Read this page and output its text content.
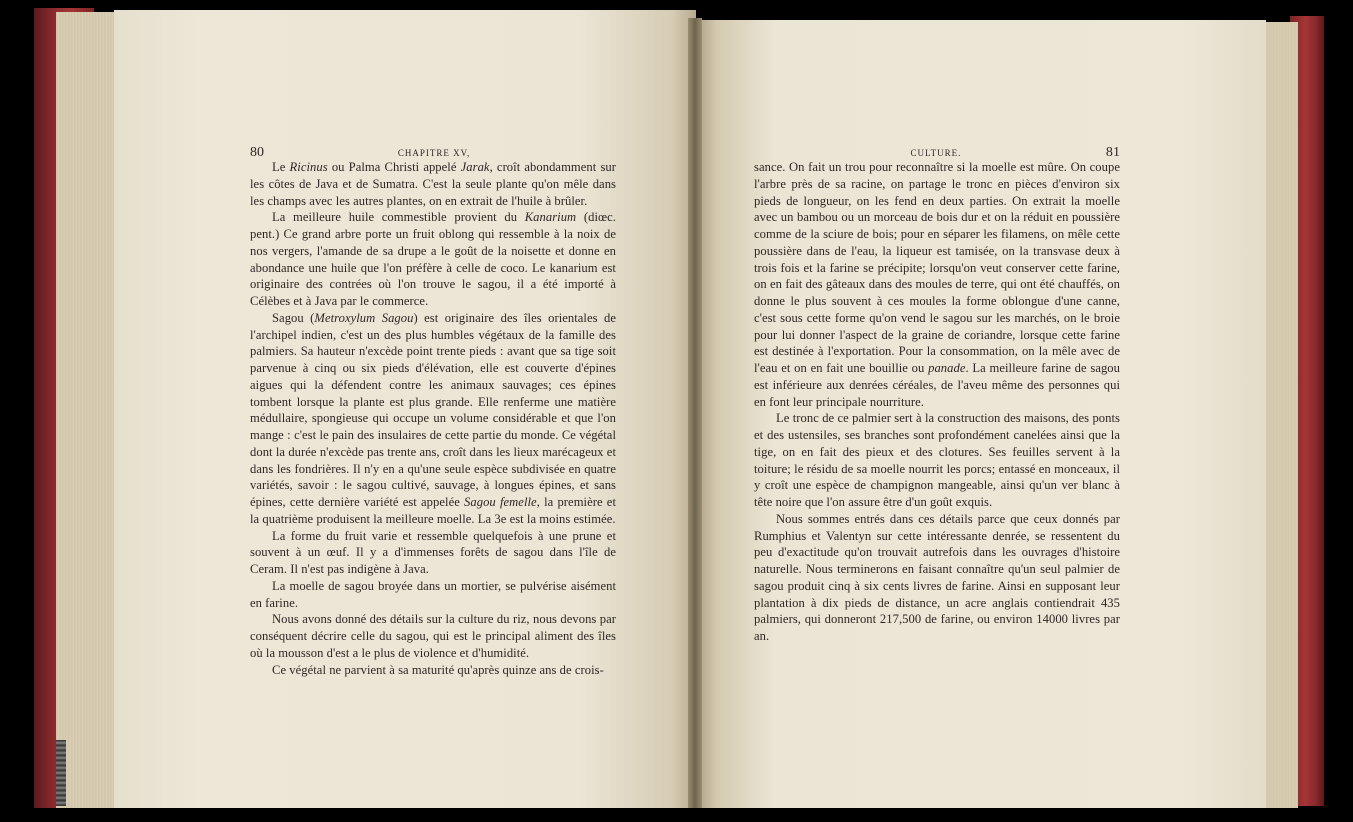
80	CHAPITRE XV,

Le Ricinus ou Palma Christi appelé Jarak, croît abondamment sur les côtes de Java et de Sumatra. C'est la seule plante qu'on mêle dans les champs avec les autres plantes, on en extrait de l'huile à brûler.

La meilleure huile commestible provient du Kanarium (diœc. pent.) Ce grand arbre porte un fruit oblong qui ressemble à la noix de nos vergers, l'amande de sa drupe a le goût de la noisette et donne en abondance une huile que l'on préfère à celle de coco. Le kanarium est originaire des contrées où l'on trouve le sagou, il a été importé à Célèbes et à Java par le commerce.

Sagou (Metroxylum Sagou) est originaire des îles orientales de l'archipel indien, c'est un des plus humbles végétaux de la famille des palmiers. Sa hauteur n'excède point trente pieds : avant que sa tige soit parvenue à cinq ou six pieds d'élévation, elle est couverte d'épines aigues qui la défendent contre les animaux sauvages; ces épines tombent lorsque la plante est plus grande. Elle renferme une matière médullaire, spongieuse qui occupe un volume considérable et que l'on mange : c'est le pain des insulaires de cette partie du monde. Ce végétal dont la durée n'excède pas trente ans, croît dans les lieux marécageux et dans les fondrières. Il n'y en a qu'une seule espèce subdivisée en quatre variétés, savoir : le sagou cultivé, sauvage, à longues épines, et sans épines, cette dernière variété est appelée Sagou femelle, la première et la quatrième produisent la meilleure moelle. La 3e est la moins estimée.

La forme du fruit varie et ressemble quelquefois à une prune et souvent à un œuf. Il y a d'immenses forêts de sagou dans l'île de Ceram. Il n'est pas indigène à Java.

La moelle de sagou broyée dans un mortier, se pulvérise aisément en farine.

Nous avons donné des détails sur la culture du riz, nous devons par conséquent décrire celle du sagou, qui est le principal aliment des îles où la mousson d'est a le plus de violence et d'humidité.

Ce végétal ne parvient à sa maturité qu'après quinze ans de crois-

CULTURE.	81

sance. On fait un trou pour reconnaître si la moelle est mûre. On coupe l'arbre près de sa racine, on partage le tronc en pièces d'environ six pieds de longueur, on les fend en deux parties. On extrait la moelle avec un bambou ou un morceau de bois dur et on la réduit en poussière comme de la sciure de bois; pour en séparer les filamens, on mêle cette poussière dans de l'eau, la liqueur est tamisée, on la transvase deux à trois fois et la farine se précipite; lorsqu'on veut conserver cette farine, on en fait des gâteaux dans des moules de terre, qui ont été chauffés, on donne le plus souvent à ces moules la forme oblongue d'une canne, c'est sous cette forme qu'on vend le sagou sur les marchés, on le broie pour lui donner l'aspect de la graine de coriandre, lorsque cette farine est destinée à l'exportation. Pour la consommation, on la mêle avec de l'eau et on en fait une bouillie ou panade. La meilleure farine de sagou est inférieure aux denrées céréales, de l'aveu même des personnes qui en font leur principale nourriture.

Le tronc de ce palmier sert à la construction des maisons, des ponts et des ustensiles, ses branches sont profondément canelées ainsi que la tige, on en fait des pieux et des clotures. Ses feuilles servent à la toiture; le résidu de sa moelle nourrit les porcs; entassé en monceaux, il y croît une espèce de champignon mangeable, ainsi qu'un ver blanc à tête noire que l'on assure être d'un goût exquis.

Nous sommes entrés dans ces détails parce que ceux donnés par Rumphius et Valentyn sur cette intéressante denrée, se ressentent du peu d'exactitude qu'on trouvait autrefois dans les ouvrages d'histoire naturelle. Nous terminerons en faisant connaître qu'un seul palmier de sagou produit cinq à six cents livres de farine. Ainsi en supposant leur plantation à dix pieds de distance, un acre anglais contiendrait 435 palmiers, qui donneront 217,500 de farine, ou environ 14000 livres par an.
